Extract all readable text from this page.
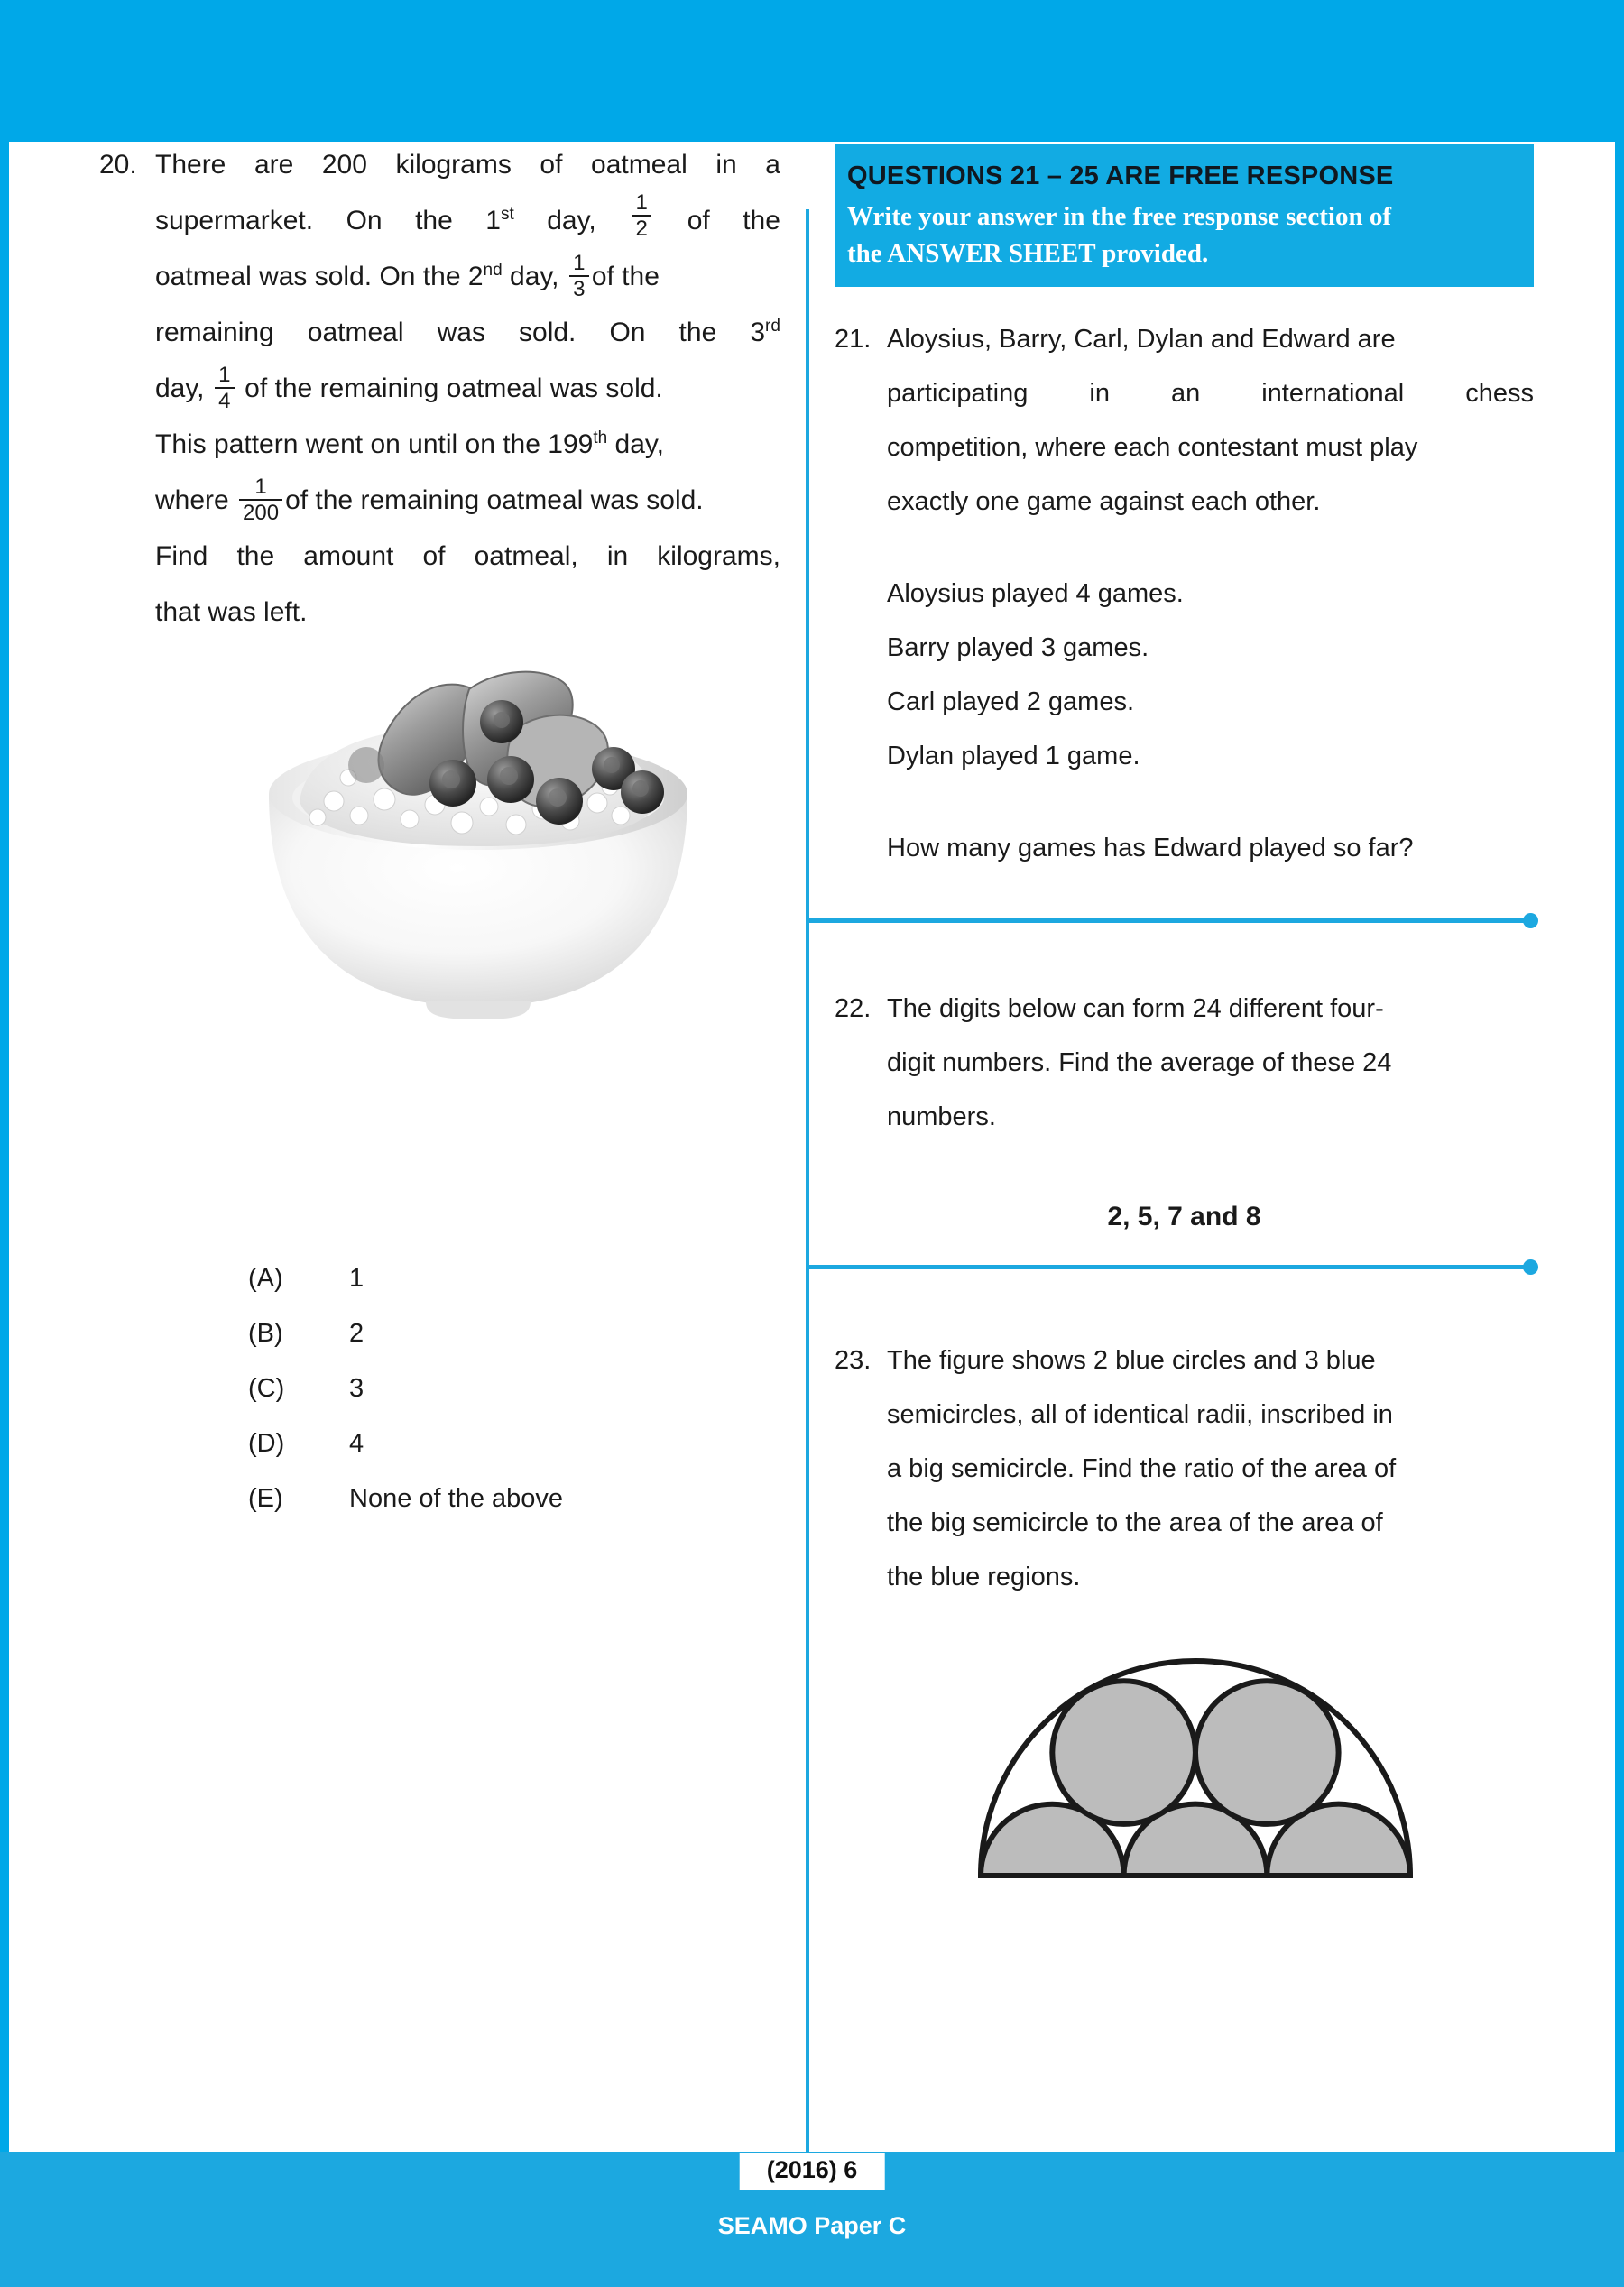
20. There are 200 kilograms of oatmeal in a
supermarket. On the 1st day, $\frac{1}{2}$ of the
oatmeal was sold. On the 2nd day, $\frac{1}{3}$ of the
remaining oatmeal was sold. On the 3rd
day, $\frac{1}{4}$ of the remaining oatmeal was sold.
This pattern went on until on the 199th day,
where $\frac{1}{200}$ of the remaining oatmeal was sold.
Find the amount of oatmeal, in kilograms,
that was left.
(A)	1
(B)	2
(C)	3
(D)	4
(E)	None of the above
QUESTIONS 21 – 25 ARE FREE RESPONSE
Write your answer in the free response section of
the ANSWER SHEET provided.
21. Aloysius, Barry, Carl, Dylan and Edward are

participating in an international chess

competition, where each contestant must play

exactly one game against each other.

Aloysius played 4 games.
Barry played 3 games.
Carl played 2 games.
Dylan played 1 game.
How many games has Edward played so far?
22. The digits below can form 24 different four-

digit numbers. Find the average of these 24

numbers.

2, 5, 7 and 8
23. The figure shows 2 blue circles and 3 blue

semicircles, all of identical radii, inscribed in

a big semicircle. Find the ratio of the area of

the big semicircle to the area of the area of

the blue regions.

(2016) 6
SEAMO Paper C
